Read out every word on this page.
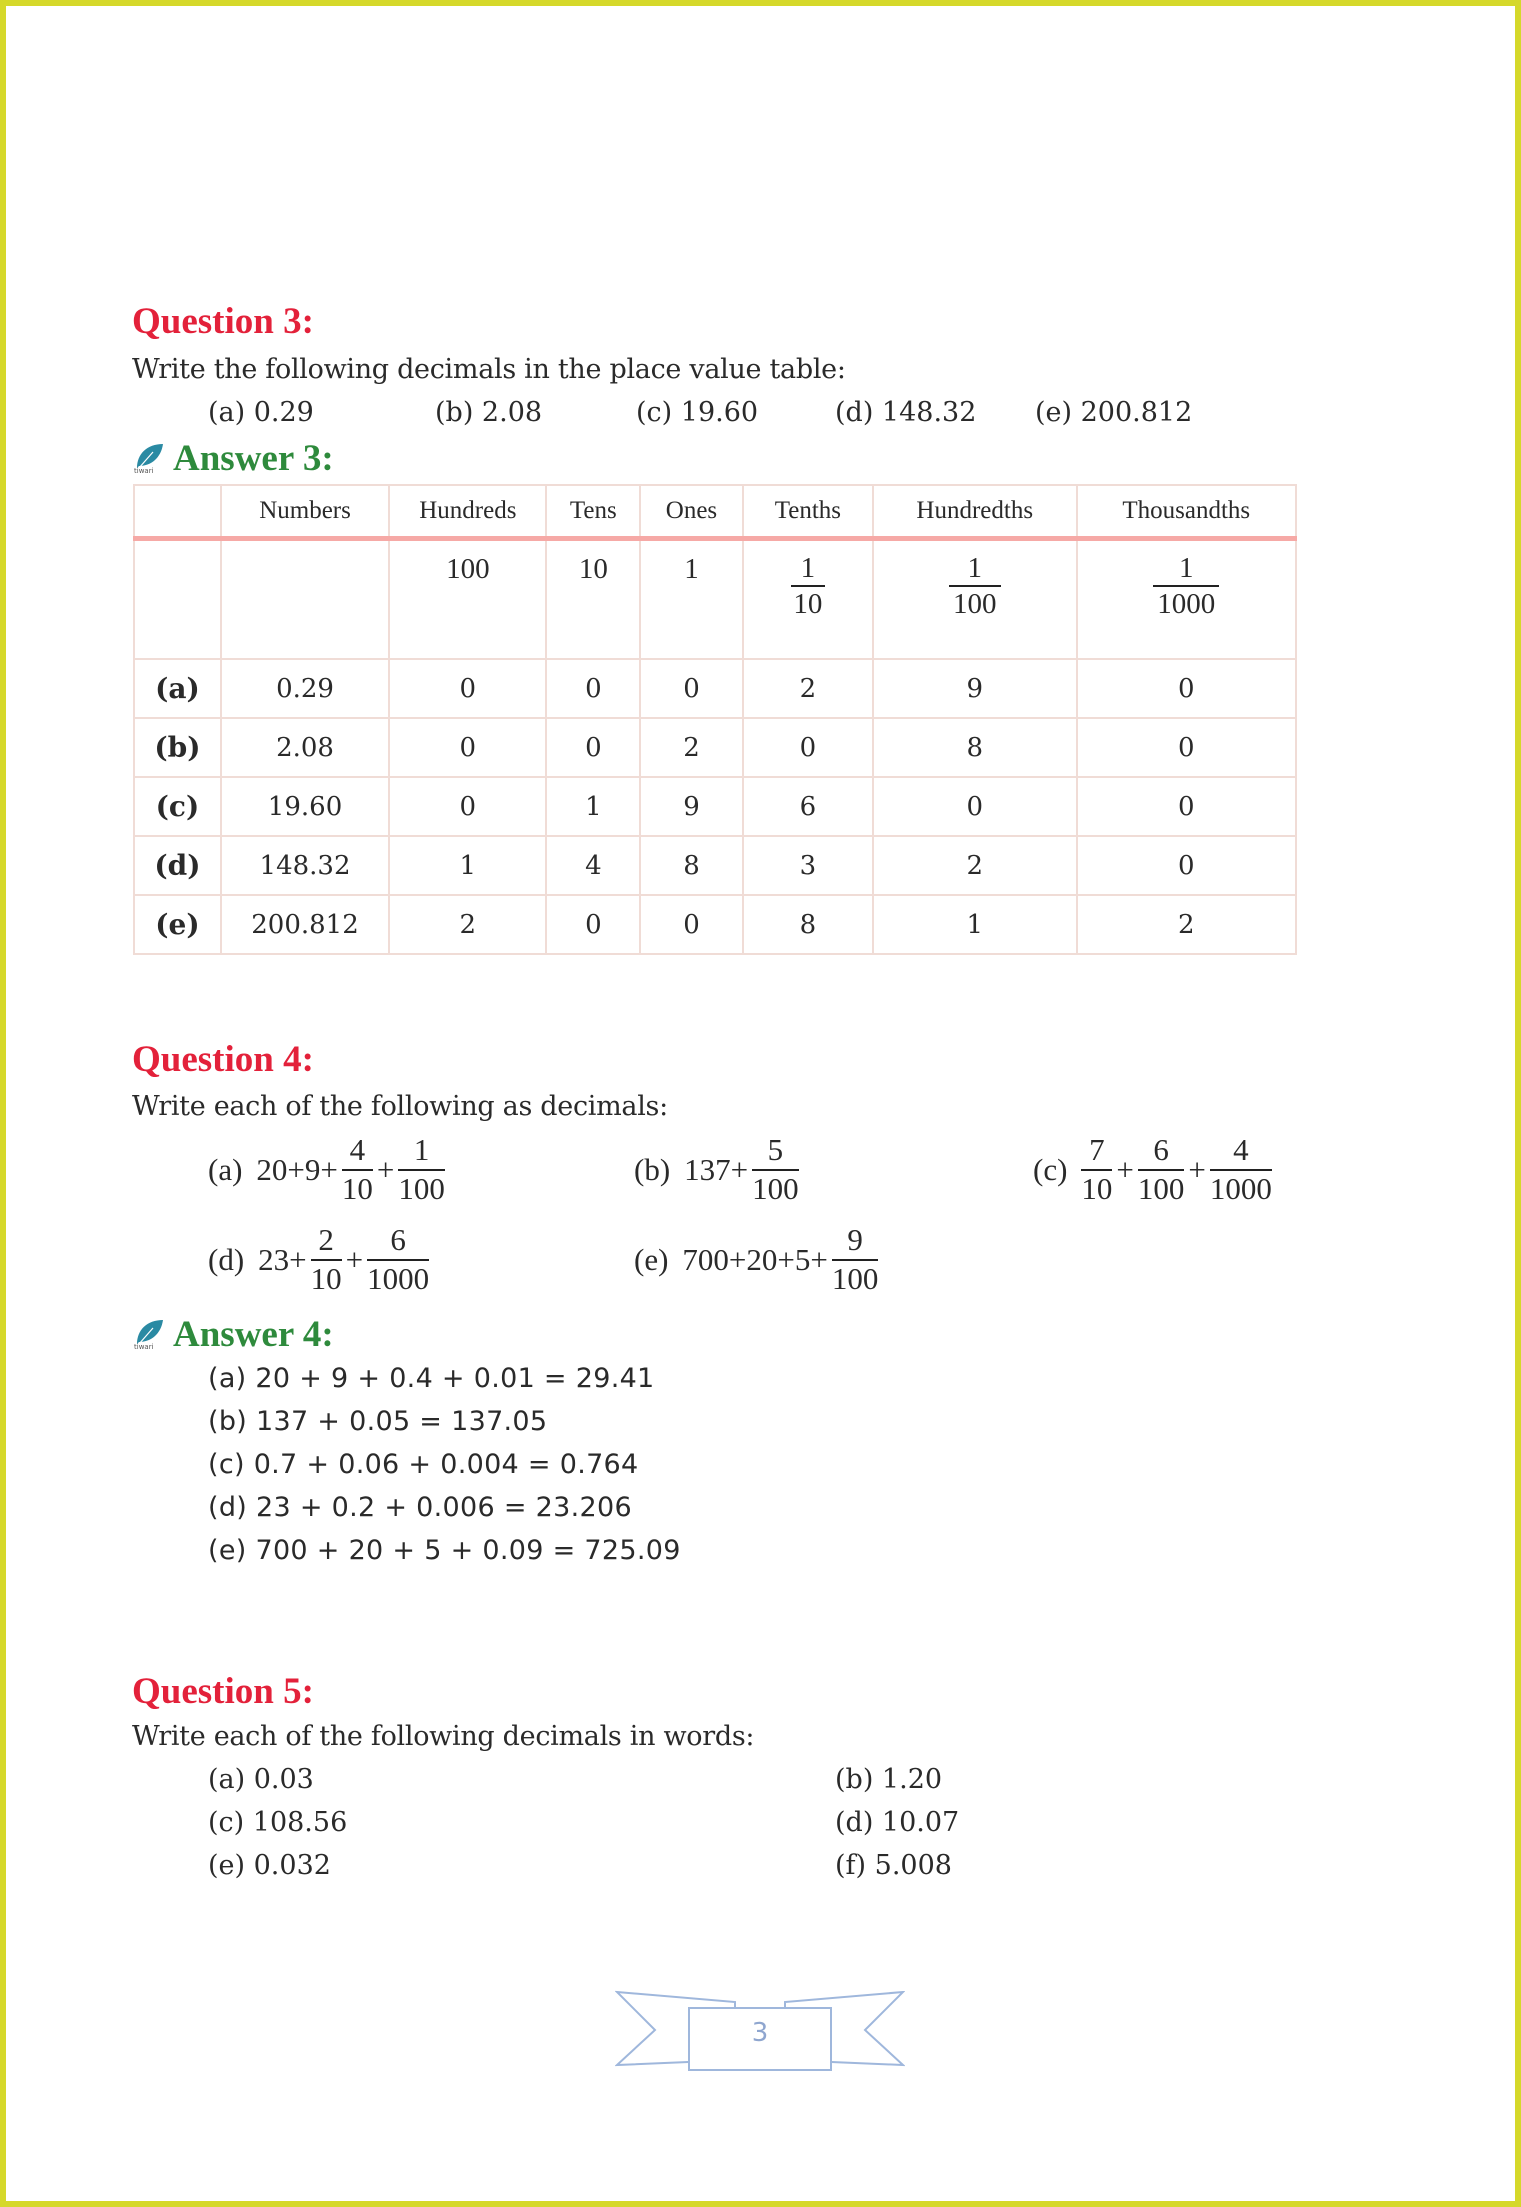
Question 3:
Write the following decimals in the place value table:
(a) 0.29	(b) 2.08	(c) 19.60	(d) 148.32 (e) 200.812
tiwari Answer 3:
	Numbers	Hundreds	Tens	Ones	Tenths	Hundredths	Thousandths
		100	10	1	$\frac{1}{10}$	$\frac{1}{100}$	$\frac{1}{1000}$

(a)	0.29	0	0	0	2	9	0
(b)	2.08	0	0	2	0	8	0
(c)	19.60	0	1	9	6	0	0
(d)	148.32	1	4	8	3	2	0
(e)	200.812	2	0	0	8	1	2
Question 4:
Write each of the following as decimals:
(a) $20+9+ \frac{4}{10} + \frac{1}{100}$	(b) $137+ \frac{5}{100}$	$(c) \frac{7}{10} + \frac{6}{100} + \frac{4}{1000}$
(d) $23+ \frac{2}{10} + \frac{6}{1000}$	(e) $700+20+5+ \frac{9}{100}$
tiwari Answer 4:
(a) 20 + 9 + 0.4 + 0.01 = 29.41
(b) 137 + 0.05 = 137.05
(c) 0.7 + 0.06 + 0.004 = 0.764
(d) 23 + 0.2 + 0.006 = 23.206
(e) 700 + 20 + 5 + 0.09 = 725.09
Question 5:
Write each of the following decimals in words:
(a) 0.03	(b) 1.20
(c) 108.56	(d) 10.07
(e) 0.032	(f) 5.008
3
